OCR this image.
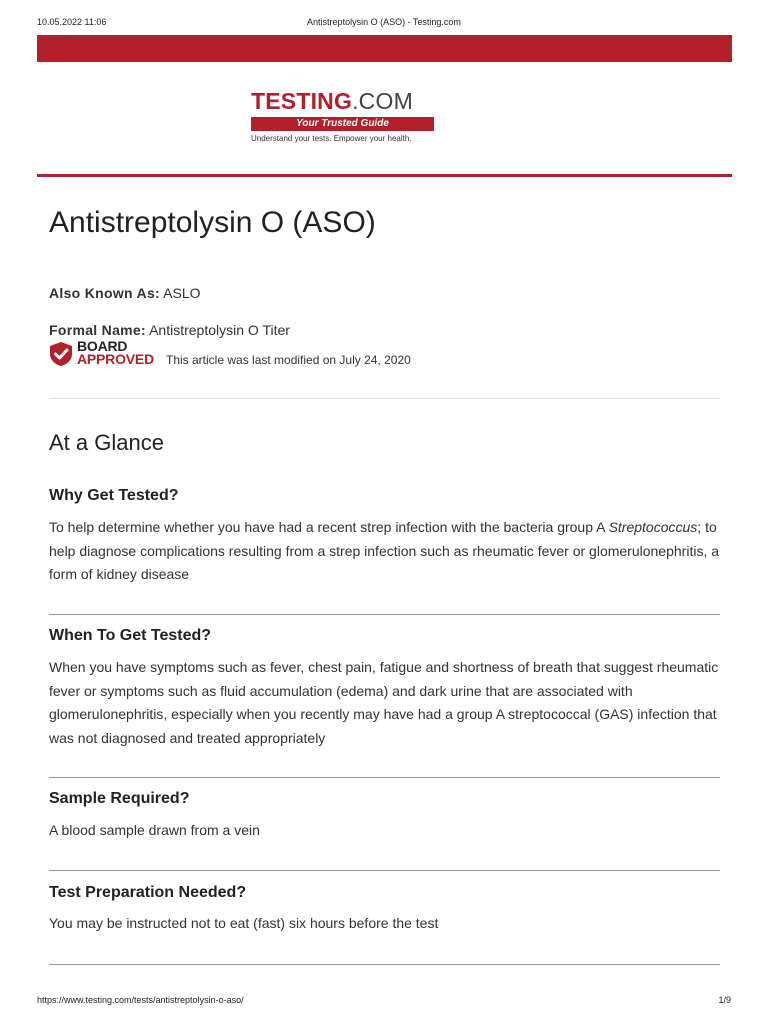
10.05.2022 11:06	Antistreptolysin O (ASO) - Testing.com
TESTING.COM
Your Trusted Guide
Understand your tests. Empower your health.
Antistreptolysin O (ASO)
Also Known As: ASLO
Formal Name: Antistreptolysin O Titer
BOARD
APPROVED This article was last modified on July 24, 2020
At a Glance
Why Get Tested?

To help determine whether you have had a recent strep infection with the bacteria group A Streptococcus; to help diagnose complications resulting from a strep infection such as rheumatic fever or glomerulonephritis, a form of kidney disease

When To Get Tested?

When you have symptoms such as fever, chest pain, fatigue and shortness of breath that suggest rheumatic fever or symptoms such as fluid accumulation (edema) and dark urine that are associated with glomerulonephritis, especially when you recently may have had a group A streptococcal (GAS) infection that was not diagnosed and treated appropriately

Sample Required?

A blood sample drawn from a vein

Test Preparation Needed?

You may be instructed not to eat (fast) six hours before the test

https://www.testing.com/tests/antistreptolysin-o-aso/	1/9
